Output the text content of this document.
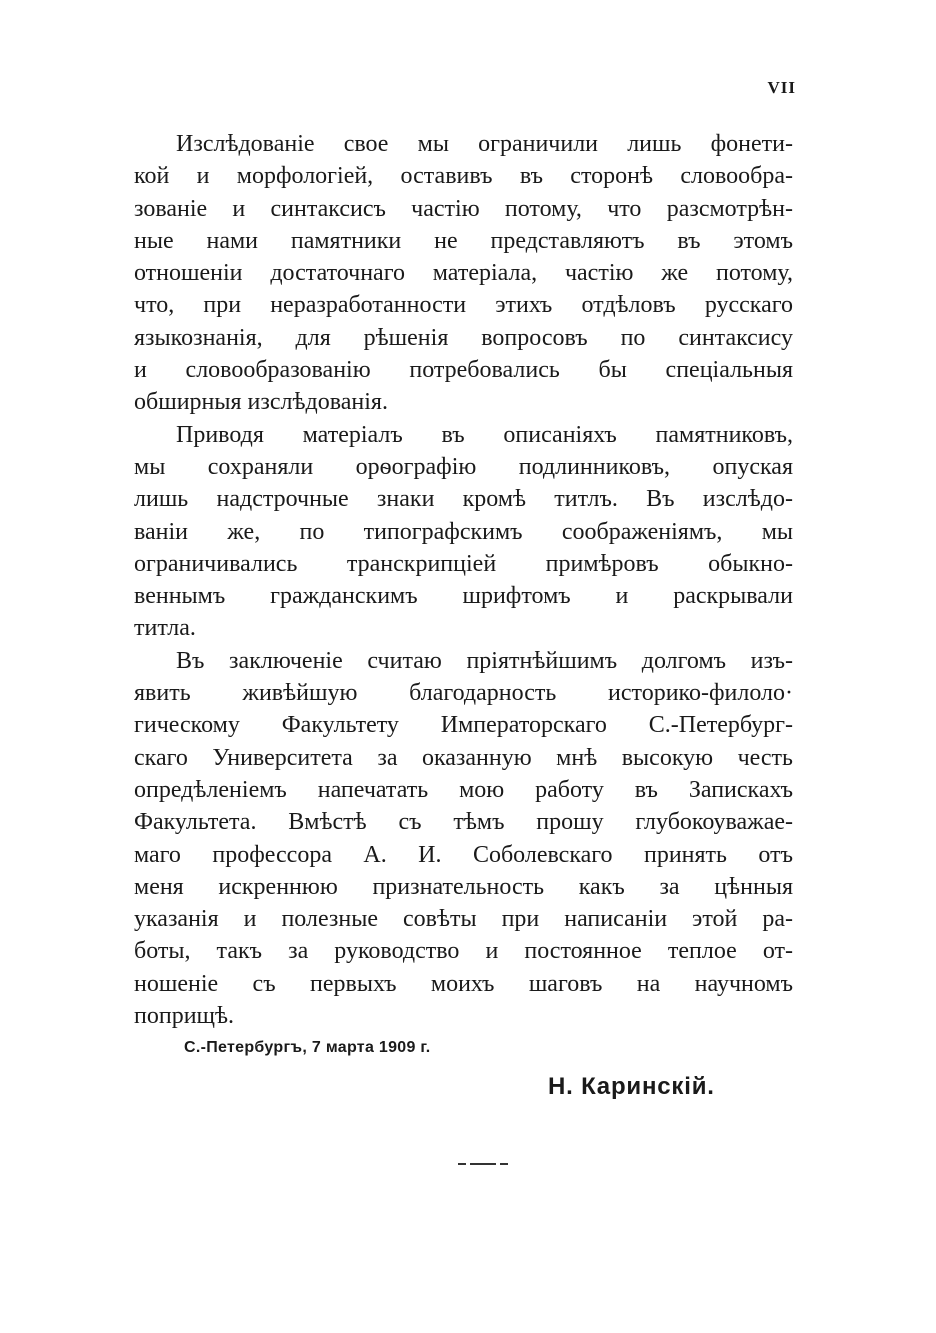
VII
Изслѣдованіе свое мы ограничили лишь фонети-
кой и морфологіей, оставивъ въ сторонѣ словообра-
зованіе и синтаксисъ частію потому, что разсмотрѣн-
ные нами памятники не представляютъ въ этомъ
отношеніи достаточнаго матеріала, частію же потому,
что, при неразработанности этихъ отдѣловъ русскаго
языкознанія, для рѣшенія вопросовъ по синтаксису
и словообразованію потребовались бы спеціальныя
обширныя изслѣдованія.
Приводя матеріалъ въ описаніяхъ памятниковъ,
мы сохраняли орѳографію подлинниковъ, опуская
лишь надстрочные знаки кромѣ титлъ. Въ изслѣдо-
ваніи же, по типографскимъ соображеніямъ, мы
ограничивались транскрипціей примѣровъ обыкно-
веннымъ гражданскимъ шрифтомъ и раскрывали
титла.
Въ заключеніе считаю пріятнѣйшимъ долгомъ изъ-
явить живѣйшую благодарность историко-филоло·
гическому Факультету Императорскаго С.-Петербург-
скаго Университета за оказанную мнѣ высокую честь
опредѣленіемъ напечатать мою работу въ Запискахъ
Факультета. Вмѣстѣ съ тѣмъ прошу глубокоуважае-
маго профессора А. И. Соболевскаго принять отъ
меня искреннюю признательность какъ за цѣнныя
указанія и полезные совѣты при написаніи этой ра-
боты, такъ за руководство и постоянное теплое от-
ношеніе съ первыхъ моихъ шаговъ на научномъ
поприщѣ.
С.-Петербургъ, 7 марта 1909 г.
Н. Каринскій.
